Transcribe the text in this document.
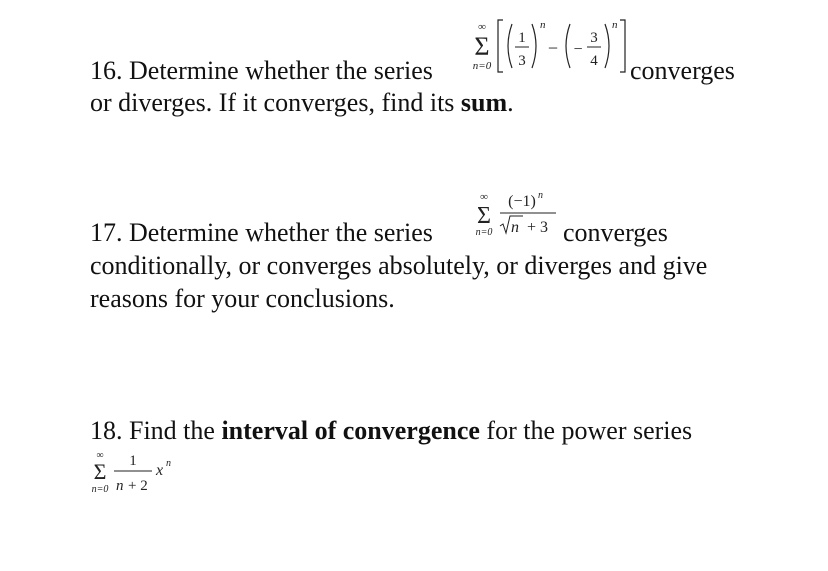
16. Determine whether the series
∞
Σ
n=0
1
3
n
− −
3
4
n
converges
or diverges. If it converges, find its sum.
17. Determine whether the series
∞
Σ
n=0
(−1) n
n + 3 converges
conditionally, or converges absolutely, or diverges and give
reasons for your conclusions.
18. Find the interval of convergence for the power series
∞
Σ
n=0
1
n + 2
x n
